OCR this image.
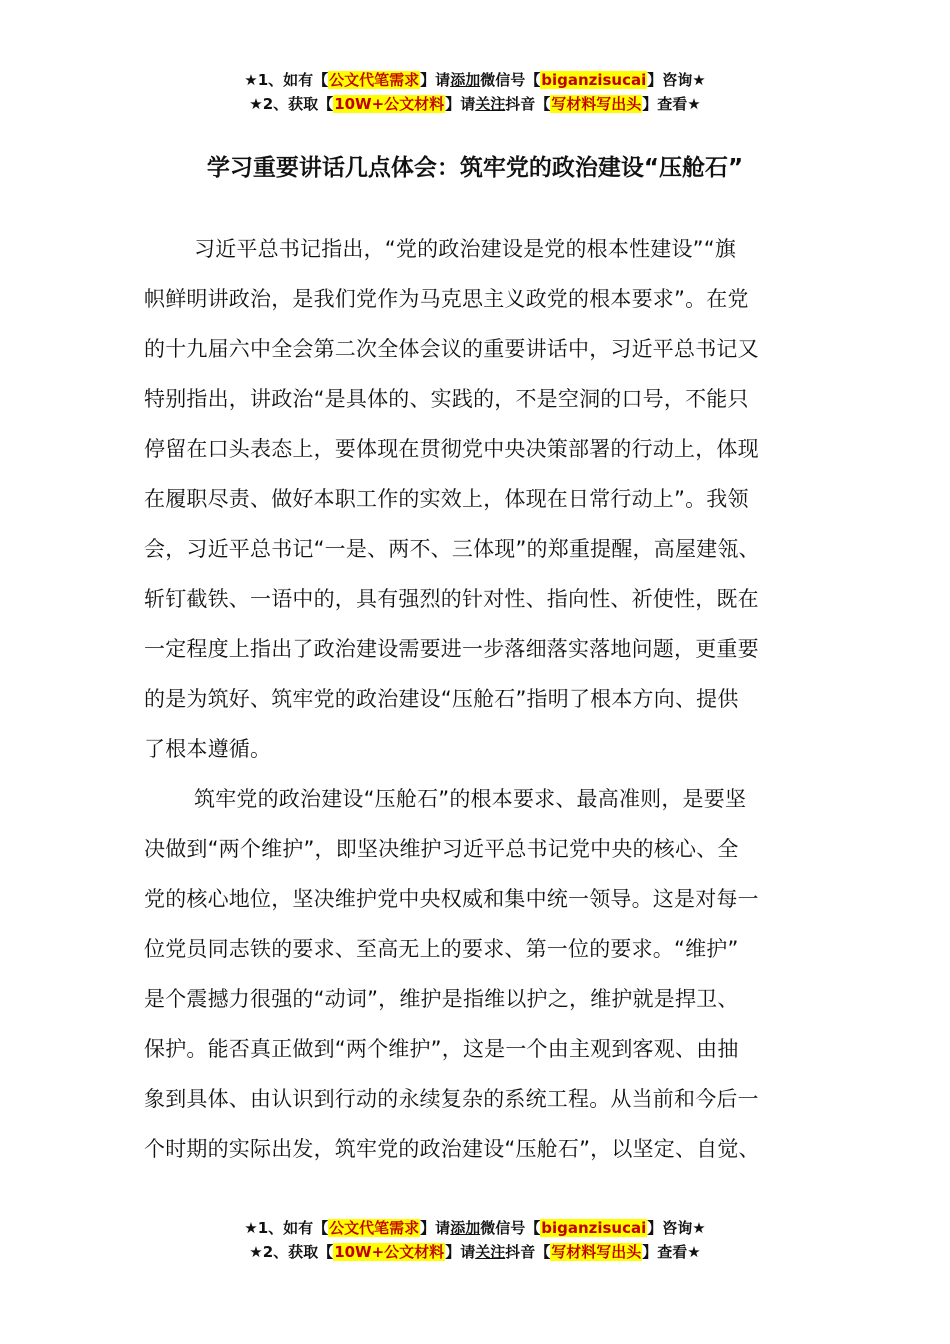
★1、如有【公文代笔需求】请添加微信号【biganzisucai】咨询★
★2、获取【10W+公文材料】请关注抖音【写材料写出头】查看★
学习重要讲话几点体会：筑牢党的政治建设“压舱石”

习近平总书记指出，“党的政治建设是党的根本性建设”“旗
帜鲜明讲政治，是我们党作为马克思主义政党的根本要求”。在党
的十九届六中全会第二次全体会议的重要讲话中，习近平总书记又
特别指出，讲政治“是具体的、实践的，不是空洞的口号，不能只
停留在口头表态上，要体现在贯彻党中央决策部署的行动上，体现
在履职尽责、做好本职工作的实效上，体现在日常行动上”。我领
会，习近平总书记“一是、两不、三体现”的郑重提醒，高屋建瓴、
斩钉截铁、一语中的，具有强烈的针对性、指向性、祈使性，既在
一定程度上指出了政治建设需要进一步落细落实落地问题，更重要
的是为筑好、筑牢党的政治建设“压舱石”指明了根本方向、提供
了根本遵循。

筑牢党的政治建设“压舱石”的根本要求、最高准则，是要坚
决做到“两个维护”，即坚决维护习近平总书记党中央的核心、全
党的核心地位，坚决维护党中央权威和集中统一领导。这是对每一
位党员同志铁的要求、至高无上的要求、第一位的要求。“维护”
是个震撼力很强的“动词”，维护是指维以护之，维护就是捍卫、
保护。能否真正做到“两个维护”，这是一个由主观到客观、由抽
象到具体、由认识到行动的永续复杂的系统工程。从当前和今后一
个时期的实际出发，筑牢党的政治建设“压舱石”，以坚定、自觉、

★1、如有【公文代笔需求】请添加微信号【biganzisucai】咨询★
★2、获取【10W+公文材料】请关注抖音【写材料写出头】查看★
